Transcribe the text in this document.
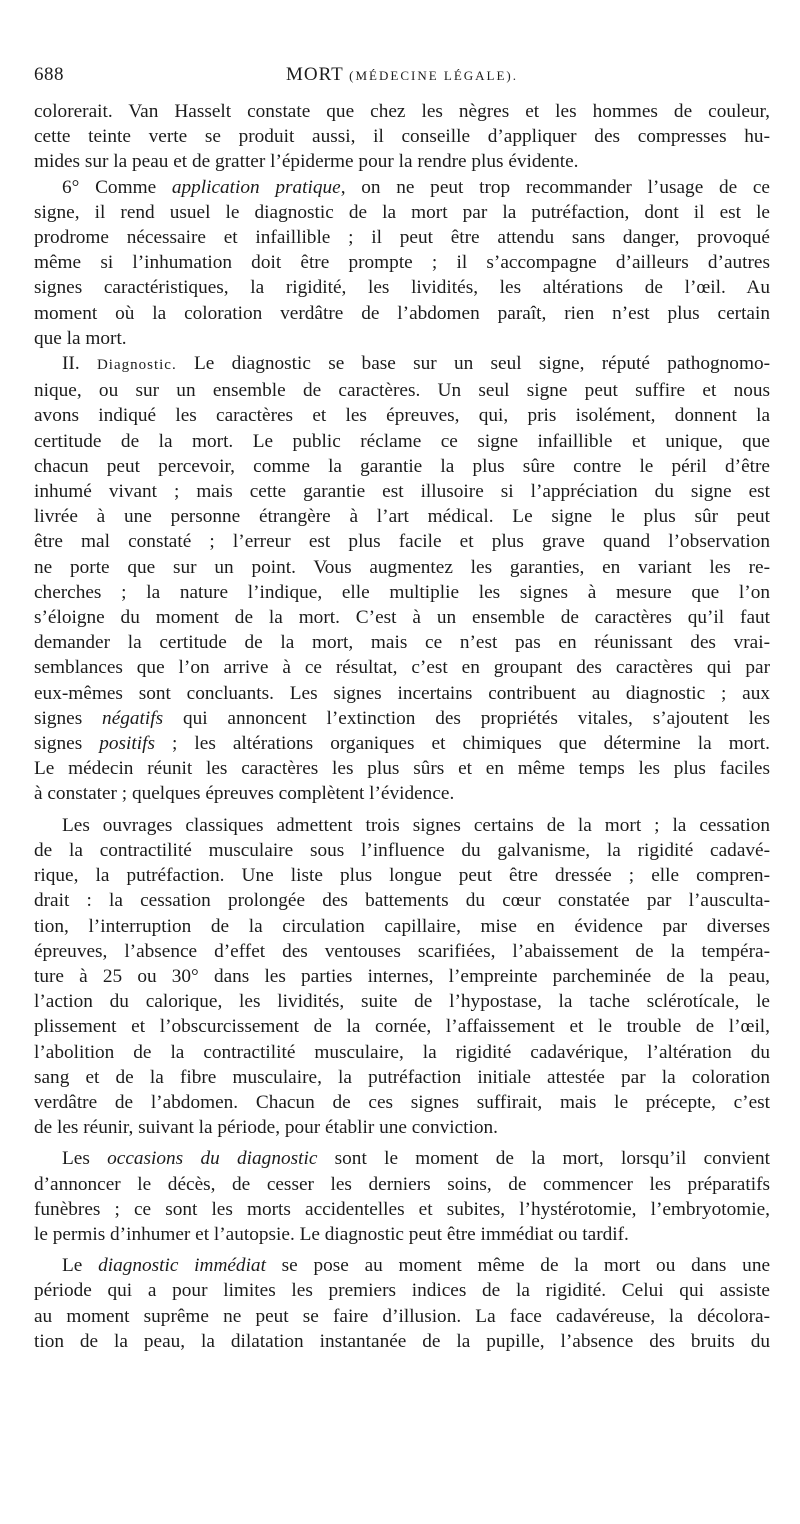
688	MORT (MÉDECINE LÉGALE).
colorerait. Van Hasselt constate que chez les nègres et les hommes de couleur,
cette teinte verte se produit aussi, il conseille d’appliquer des compresses hu-
mides sur la peau et de gratter l’épiderme pour la rendre plus évidente.
6° Comme application pratique, on ne peut trop recommander l’usage de ce
signe, il rend usuel le diagnostic de la mort par la putréfaction, dont il est le
prodrome nécessaire et infaillible ; il peut être attendu sans danger, provoqué
même si l’inhumation doit être prompte ; il s’accompagne d’ailleurs d’autres
signes caractéristiques, la rigidité, les lividités, les altérations de l’œil. Au
moment où la coloration verdâtre de l’abdomen paraît, rien n’est plus certain
que la mort.
II. Diagnostic. Le diagnostic se base sur un seul signe, réputé pathognomo-
nique, ou sur un ensemble de caractères. Un seul signe peut suffire et nous
avons indiqué les caractères et les épreuves, qui, pris isolément, donnent la
certitude de la mort. Le public réclame ce signe infaillible et unique, que
chacun peut percevoir, comme la garantie la plus sûre contre le péril d’être
inhumé vivant ; mais cette garantie est illusoire si l’appréciation du signe est
livrée à une personne étrangère à l’art médical. Le signe le plus sûr peut
être mal constaté ; l’erreur est plus facile et plus grave quand l’observation
ne porte que sur un point. Vous augmentez les garanties, en variant les re-
cherches ; la nature l’indique, elle multiplie les signes à mesure que l’on
s’éloigne du moment de la mort. C’est à un ensemble de caractères qu’il faut
demander la certitude de la mort, mais ce n’est pas en réunissant des vrai-
semblances que l’on arrive à ce résultat, c’est en groupant des caractères qui par
eux-mêmes sont concluants. Les signes incertains contribuent au diagnostic ; aux
signes négatifs qui annoncent l’extinction des propriétés vitales, s’ajoutent les
signes positifs ; les altérations organiques et chimiques que détermine la mort.
Le médecin réunit les caractères les plus sûrs et en même temps les plus faciles
à constater ; quelques épreuves complètent l’évidence.
Les ouvrages classiques admettent trois signes certains de la mort ; la cessation
de la contractilité musculaire sous l’influence du galvanisme, la rigidité cadavé-
rique, la putréfaction. Une liste plus longue peut être dressée ; elle compren-
drait : la cessation prolongée des battements du cœur constatée par l’ausculta-
tion, l’interruption de la circulation capillaire, mise en évidence par diverses
épreuves, l’absence d’effet des ventouses scarifiées, l’abaissement de la tempéra-
ture à 25 ou 30° dans les parties internes, l’empreinte parcheminée de la peau,
l’action du calorique, les lividités, suite de l’hypostase, la tache sclérotícale, le
plissement et l’obscurcissement de la cornée, l’affaissement et le trouble de l’œil,
l’abolition de la contractilité musculaire, la rigidité cadavérique, l’altération du
sang et de la fibre musculaire, la putréfaction initiale attestée par la coloration
verdâtre de l’abdomen. Chacun de ces signes suffirait, mais le précepte, c’est
de les réunir, suivant la période, pour établir une conviction.
Les occasions du diagnostic sont le moment de la mort, lorsqu’il convient
d’annoncer le décès, de cesser les derniers soins, de commencer les préparatifs
funèbres ; ce sont les morts accidentelles et subites, l’hystérotomie, l’embryotomie,
le permis d’inhumer et l’autopsie. Le diagnostic peut être immédiat ou tardif.
Le diagnostic immédiat se pose au moment même de la mort ou dans une
période qui a pour limites les premiers indices de la rigidité. Celui qui assiste
au moment suprême ne peut se faire d’illusion. La face cadavéreuse, la décolora-
tion de la peau, la dilatation instantanée de la pupille, l’absence des bruits du
